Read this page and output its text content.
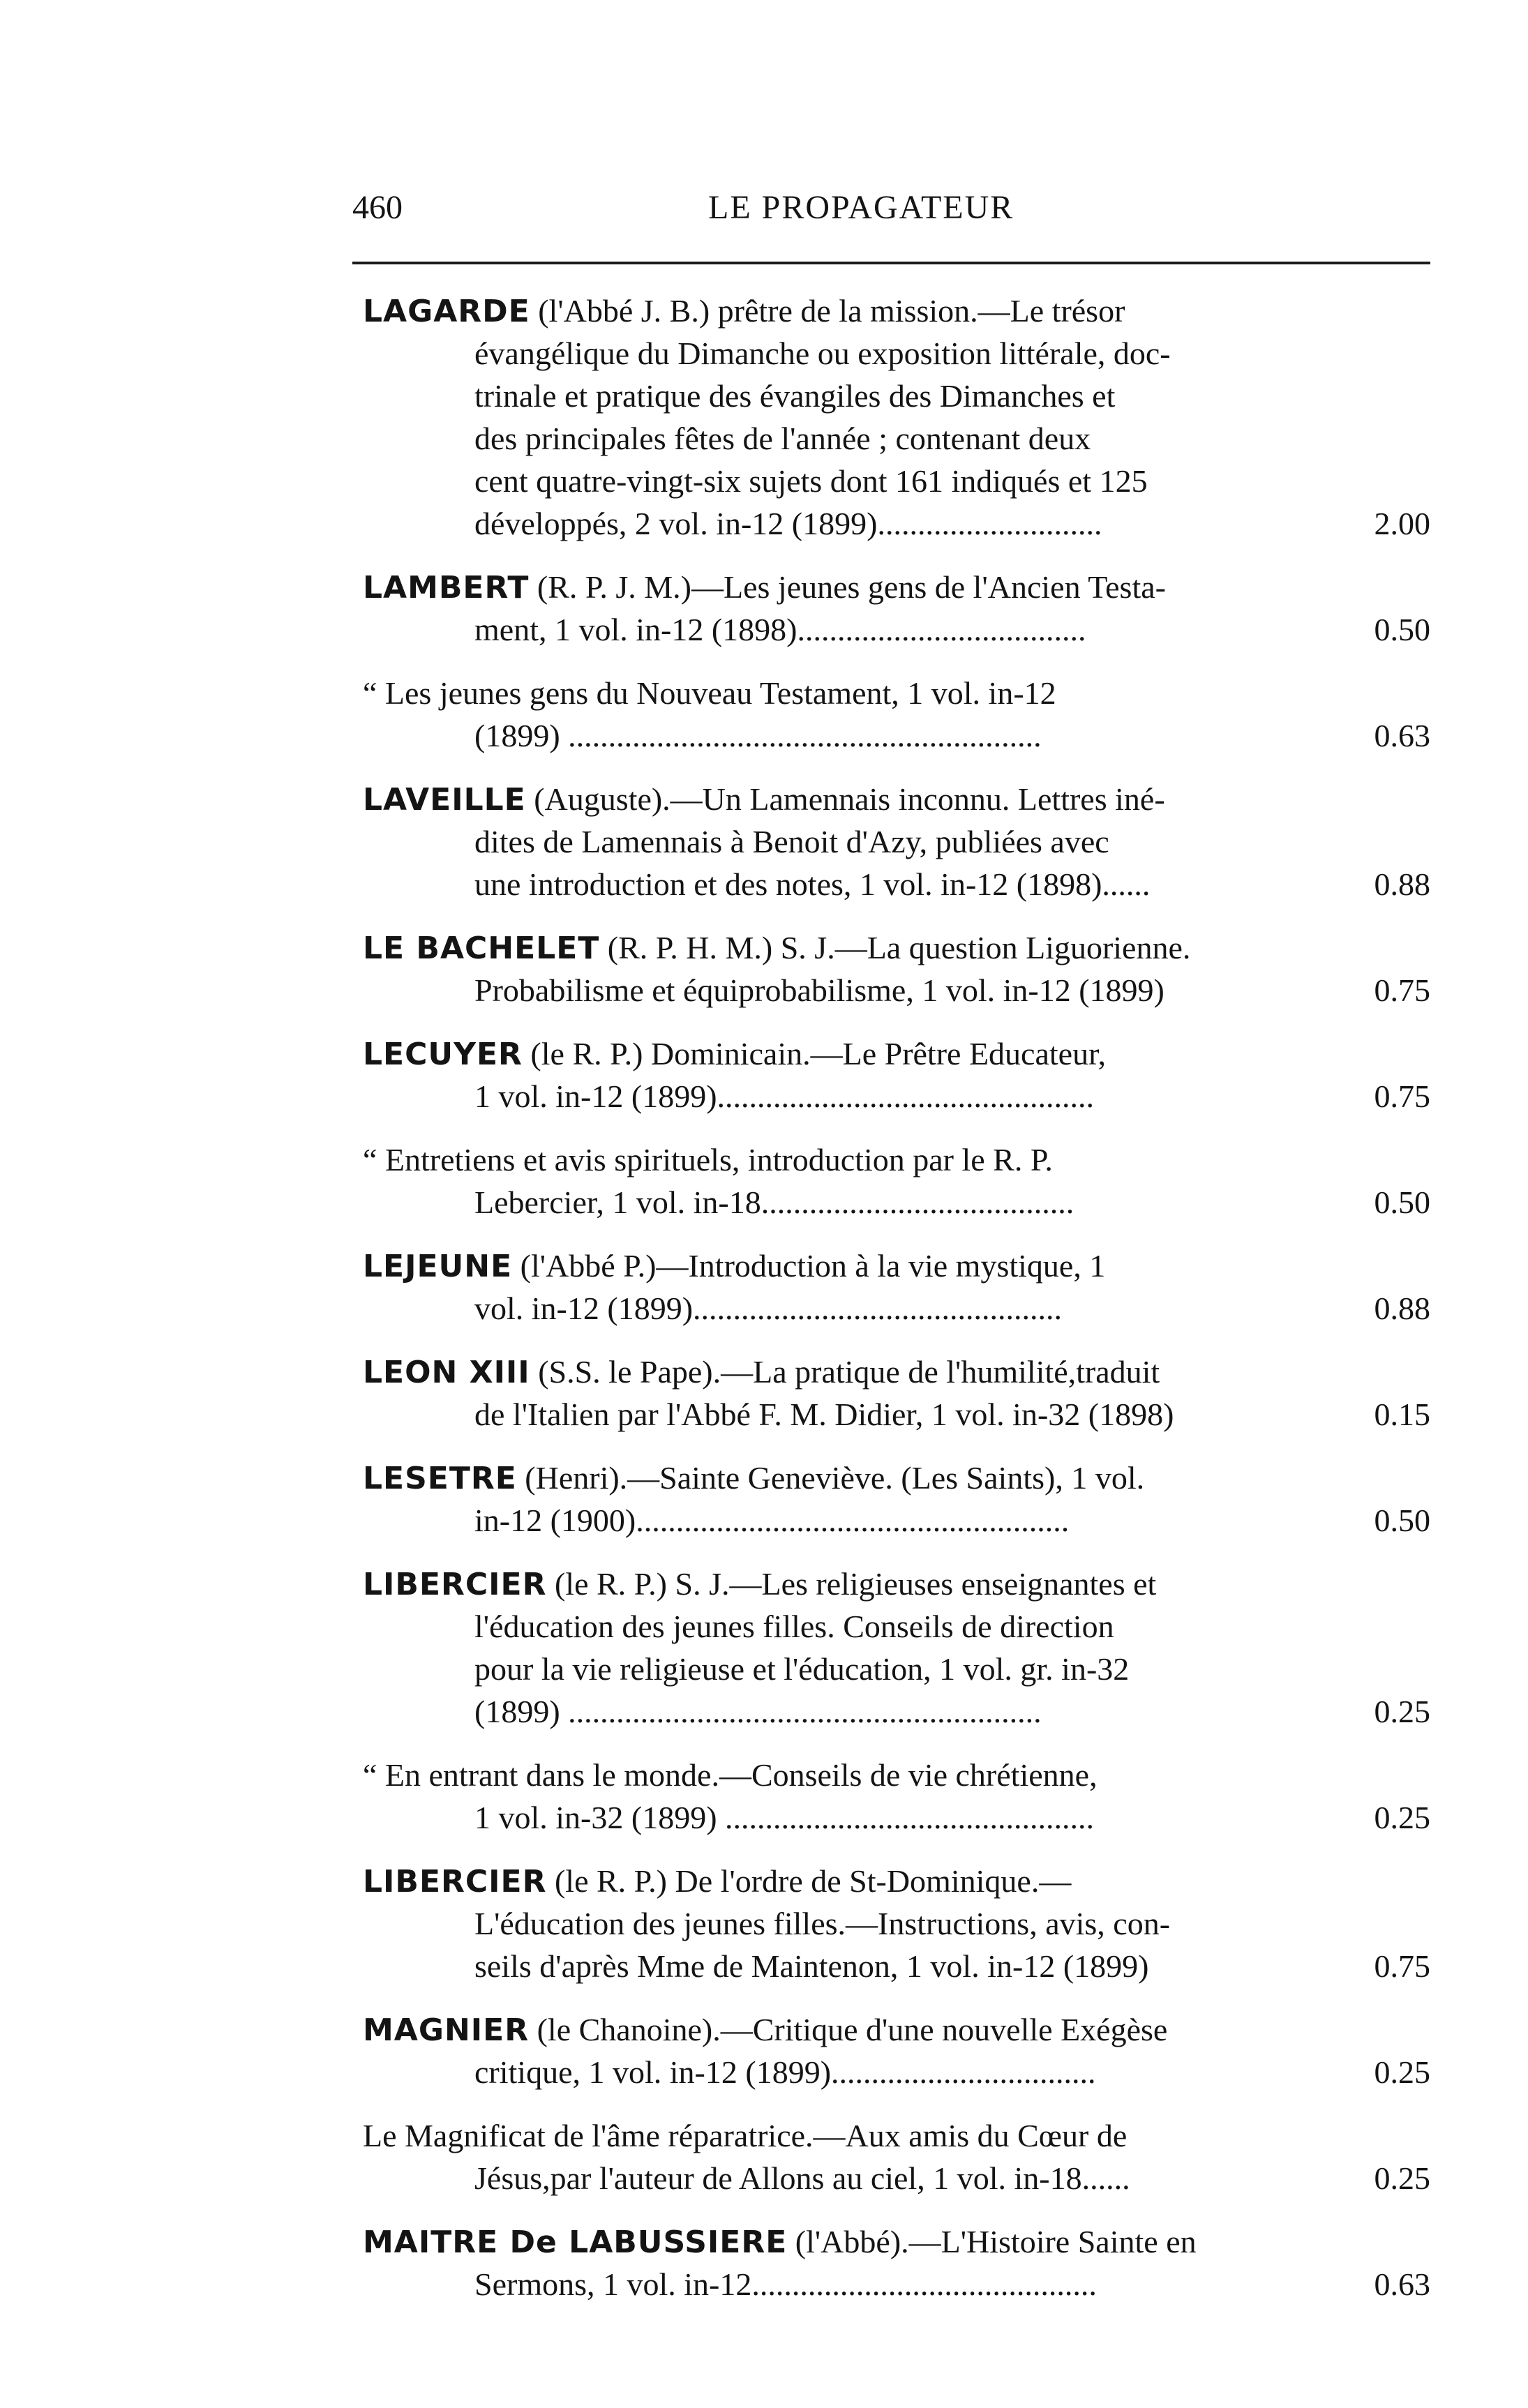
460	LE PROPAGATEUR
LAGARDE (l'Abbé J. B.) prêtre de la mission.—Le trésor
évangélique du Dimanche ou exposition littérale, doc-
trinale et pratique des évangiles des Dimanches et
des principales fêtes de l'année ; contenant deux
cent quatre-vingt-six sujets dont 161 indiqués et 125
développés, 2 vol. in-12 (1899)............................	2.00
LAMBERT (R. P. J. M.)—Les jeunes gens de l'Ancien Testa-
ment, 1 vol. in-12 (1898)....................................	0.50
“ Les jeunes gens du Nouveau Testament, 1 vol. in-12
(1899) ...........................................................	0.63
LAVEILLE (Auguste).—Un Lamennais inconnu. Lettres iné-
dites de Lamennais à Benoit d'Azy, publiées avec
une introduction et des notes, 1 vol. in-12 (1898)......	0.88
LE BACHELET (R. P. H. M.) S. J.—La question Liguorienne.
Probabilisme et équiprobabilisme, 1 vol. in-12 (1899)	0.75
LECUYER (le R. P.) Dominicain.—Le Prêtre Educateur,
1 vol. in-12 (1899)...............................................	0.75
“ Entretiens et avis spirituels, introduction par le R. P.
Lebercier, 1 vol. in-18.......................................	0.50
LEJEUNE (l'Abbé P.)—Introduction à la vie mystique, 1
vol. in-12 (1899)..............................................	0.88
LEON XIII (S.S. le Pape).—La pratique de l'humilité,traduit
de l'Italien par l'Abbé F. M. Didier, 1 vol. in-32 (1898)	0.15
LESETRE (Henri).—Sainte Geneviève. (Les Saints), 1 vol.
in-12 (1900)......................................................	0.50
LIBERCIER (le R. P.) S. J.—Les religieuses enseignantes et
l'éducation des jeunes filles. Conseils de direction
pour la vie religieuse et l'éducation, 1 vol. gr. in-32
(1899) ...........................................................	0.25
“ En entrant dans le monde.—Conseils de vie chrétienne,
1 vol. in-32 (1899) ..............................................	0.25
LIBERCIER (le R. P.) De l'ordre de St-Dominique.—
L'éducation des jeunes filles.—Instructions, avis, con-
seils d'après Mme de Maintenon, 1 vol. in-12 (1899)	0.75
MAGNIER (le Chanoine).—Critique d'une nouvelle Exégèse
critique, 1 vol. in-12 (1899).................................	0.25
Le Magnificat de l'âme réparatrice.—Aux amis du Cœur de
Jésus,par l'auteur de Allons au ciel, 1 vol. in-18......	0.25
MAITRE De LABUSSIERE (l'Abbé).—L'Histoire Sainte en
Sermons, 1 vol. in-12...........................................	0.63
